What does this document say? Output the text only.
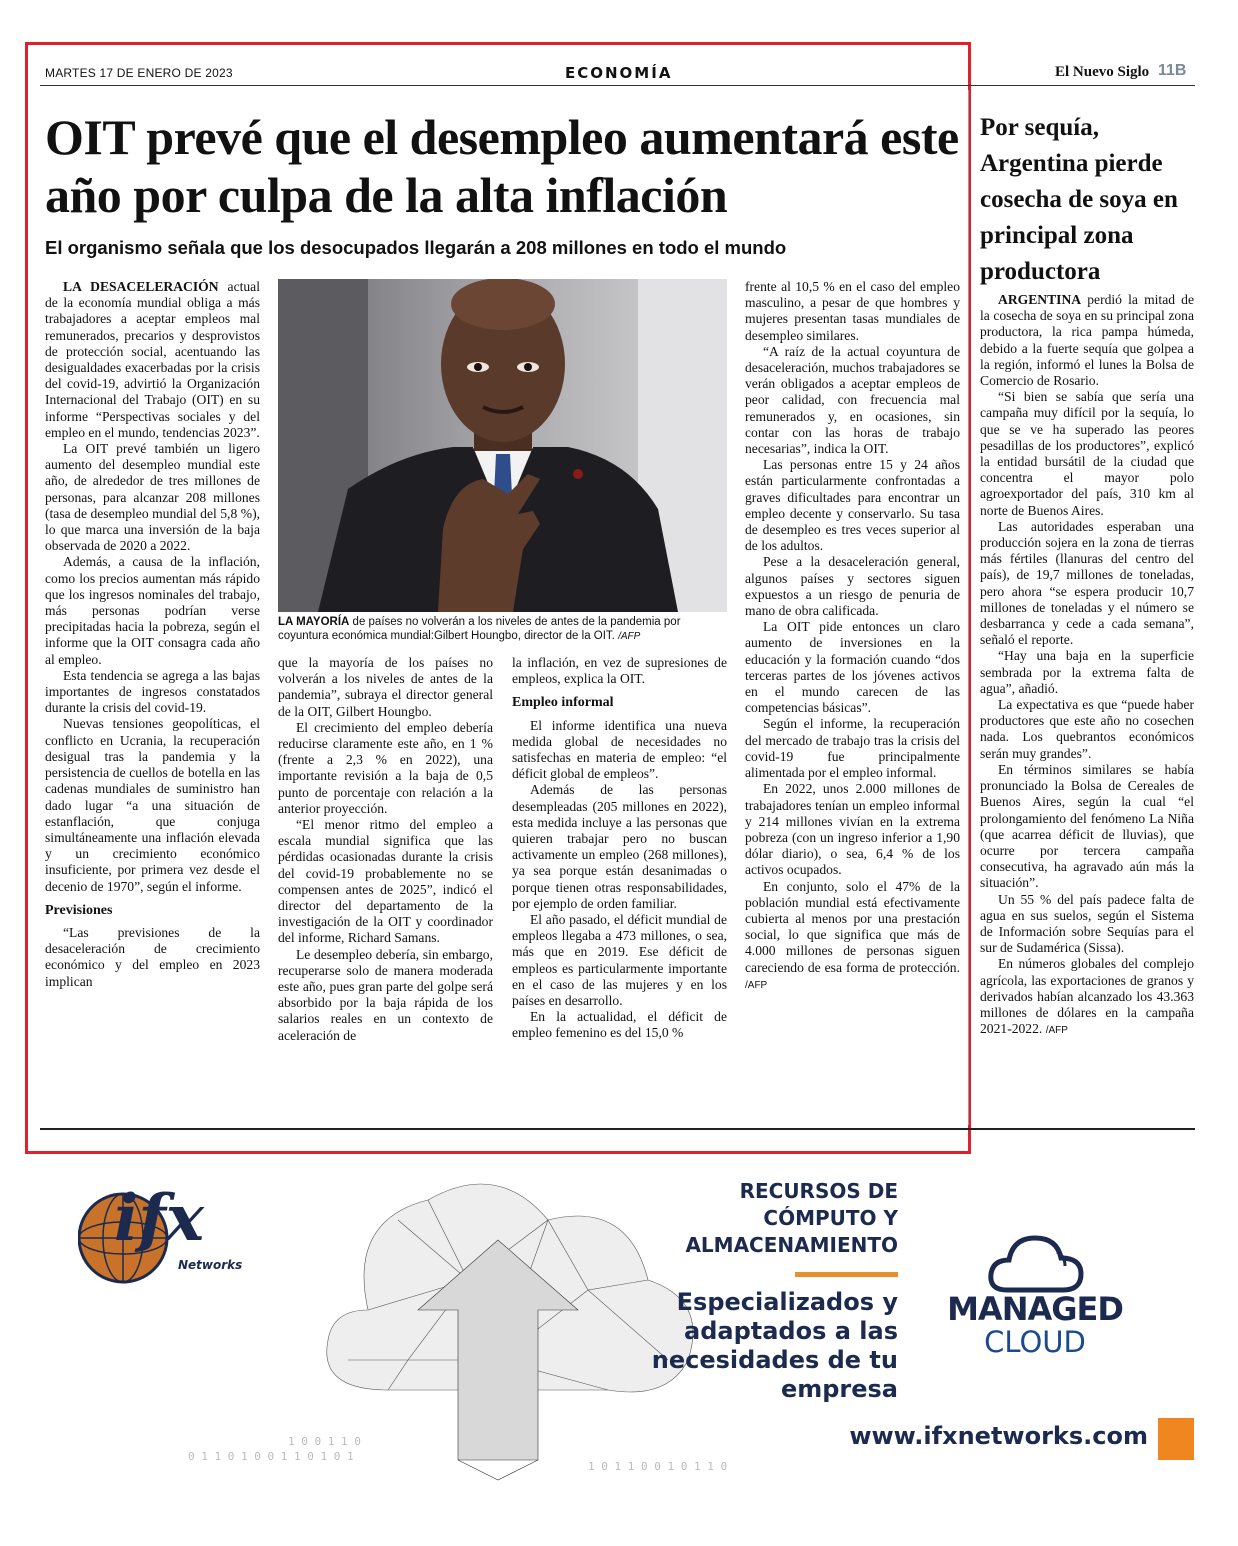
MARTES 17 DE ENERO DE 2023	ECONOMÍA	El Nuevo Siglo 11B
OIT prevé que el desempleo aumentará este año por culpa de la alta inflación
El organismo señala que los desocupados llegarán a 208 millones en todo el mundo

LA DESACELERACIÓN actual de la economía mundial obliga a más trabajadores a aceptar empleos mal remunerados, precarios y desprovistos de protección social, acentuando las desigualdades exacerbadas por la crisis del covid-19, advirtió la Organización Internacional del Trabajo (OIT) en su informe “Perspectivas sociales y del empleo en el mundo, tendencias 2023”.

La OIT prevé también un ligero aumento del desempleo mundial este año, de alrededor de tres millones de personas, para alcanzar 208 millones (tasa de desempleo mundial del 5,8 %), lo que marca una inversión de la baja observada de 2020 a 2022.

Además, a causa de la inflación, como los precios aumentan más rápido que los ingresos nominales del trabajo, más personas podrían verse precipitadas hacia la pobreza, según el informe que la OIT consagra cada año al empleo.

Esta tendencia se agrega a las bajas importantes de ingresos constatados durante la crisis del covid-19.

Nuevas tensiones geopolíticas, el conflicto en Ucrania, la recuperación desigual tras la pandemia y la persistencia de cuellos de botella en las cadenas mundiales de suministro han dado lugar “a una situación de estanflación, que conjuga simultáneamente una inflación elevada y un crecimiento económico insuficiente, por primera vez desde el decenio de 1970”, según el informe.

Previsiones

“Las previsiones de la desaceleración de crecimiento económico y del empleo en 2023 implican

LA MAYORÍA de países no volverán a los niveles de antes de la pandemia por coyuntura económica mundial:Gilbert Houngbo, director de la OIT. /AFP

que la mayoría de los países no volverán a los niveles de antes de la pandemia”, subraya el director general de la OIT, Gilbert Houngbo.

El crecimiento del empleo debería reducirse claramente este año, en 1 % (frente a 2,3 % en 2022), una importante revisión a la baja de 0,5 punto de porcentaje con relación a la anterior proyección.

“El menor ritmo del empleo a escala mundial significa que las pérdidas ocasionadas durante la crisis del covid-19 probablemente no se compensen antes de 2025”, indicó el director del departamento de la investigación de la OIT y coordinador del informe, Richard Samans.

Le desempleo debería, sin embargo, recuperarse solo de manera moderada este año, pues gran parte del golpe será absorbido por la baja rápida de los salarios reales en un contexto de aceleración de

la inflación, en vez de supresiones de empleos, explica la OIT.

Empleo informal

El informe identifica una nueva medida global de necesidades no satisfechas en materia de empleo: “el déficit global de empleos”.

Además de las personas desempleadas (205 millones en 2022), esta medida incluye a las personas que quieren trabajar pero no buscan activamente un empleo (268 millones), ya sea porque están desanimadas o porque tienen otras responsabilidades, por ejemplo de orden familiar.

El año pasado, el déficit mundial de empleos llegaba a 473 millones, o sea, más que en 2019. Ese déficit de empleos es particularmente importante en el caso de las mujeres y en los países en desarrollo.

En la actualidad, el déficit de empleo femenino es del 15,0 %

frente al 10,5 % en el caso del empleo masculino, a pesar de que hombres y mujeres presentan tasas mundiales de desempleo similares.

“A raíz de la actual coyuntura de desaceleración, muchos trabajadores se verán obligados a aceptar empleos de peor calidad, con frecuencia mal remunerados y, en ocasiones, sin contar con las horas de trabajo necesarias”, indica la OIT.

Las personas entre 15 y 24 años están particularmente confrontadas a graves dificultades para encontrar un empleo decente y conservarlo. Su tasa de desempleo es tres veces superior al de los adultos.

Pese a la desaceleración general, algunos países y sectores siguen expuestos a un riesgo de penuria de mano de obra calificada.

La OIT pide entonces un claro aumento de inversiones en la educación y la formación cuando “dos terceras partes de los jóvenes activos en el mundo carecen de las competencias básicas”.

Según el informe, la recuperación del mercado de trabajo tras la crisis del covid-19 fue principalmente alimentada por el empleo informal.

En 2022, unos 2.000 millones de trabajadores tenían un empleo informal y 214 millones vivían en la extrema pobreza (con un ingreso inferior a 1,90 dólar diario), o sea, 6,4 % de los activos ocupados.

En conjunto, solo el 47% de la población mundial está efectivamente cubierta al menos por una prestación social, lo que significa que más de 4.000 millones de personas siguen careciendo de esa forma de protección. /AFP

Por sequía, Argentina pierde cosecha de soya en principal zona productora

ARGENTINA perdió la mitad de la cosecha de soya en su principal zona productora, la rica pampa húmeda, debido a la fuerte sequía que golpea a la región, informó el lunes la Bolsa de Comercio de Rosario.

“Si bien se sabía que sería una campaña muy difícil por la sequía, lo que se ve ha superado las peores pesadillas de los productores”, explicó la entidad bursátil de la ciudad que concentra el mayor polo agroexportador del país, 310 km al norte de Buenos Aires.

Las autoridades esperaban una producción sojera en la zona de tierras más fértiles (llanuras del centro del país), de 19,7 millones de toneladas, pero ahora “se espera producir 10,7 millones de toneladas y el número se desbarranca y cede a cada semana”, señaló el reporte.

“Hay una baja en la superficie sembrada por la extrema falta de agua”, añadió.

La expectativa es que “puede haber productores que este año no cosechen nada. Los quebrantos económicos serán muy grandes”.

En términos similares se había pronunciado la Bolsa de Cereales de Buenos Aires, según la cual “el prolongamiento del fenómeno La Niña (que acarrea déficit de lluvias), que ocurre por tercera campaña consecutiva, ha agravado aún más la situación”.

Un 55 % del país padece falta de agua en sus suelos, según el Sistema de Información sobre Sequías para el sur de Sudamérica (Sissa).

En números globales del complejo agrícola, las exportaciones de granos y derivados habían alcanzado los 43.363 millones de dólares en la campaña 2021-2022. /AFP

0 1 1 0 1 0 0 1 1 0 1 0 1
1 0 1 1 0 0 1 0 1 1 0
1 0 0 1 1 0
ifx
Networks
RECURSOS DE
CÓMPUTO Y
ALMACENAMIENTO
Especializados y
adaptados a las
necesidades de tu
empresa
MANAGED
CLOUD
www.ifxnetworks.com
